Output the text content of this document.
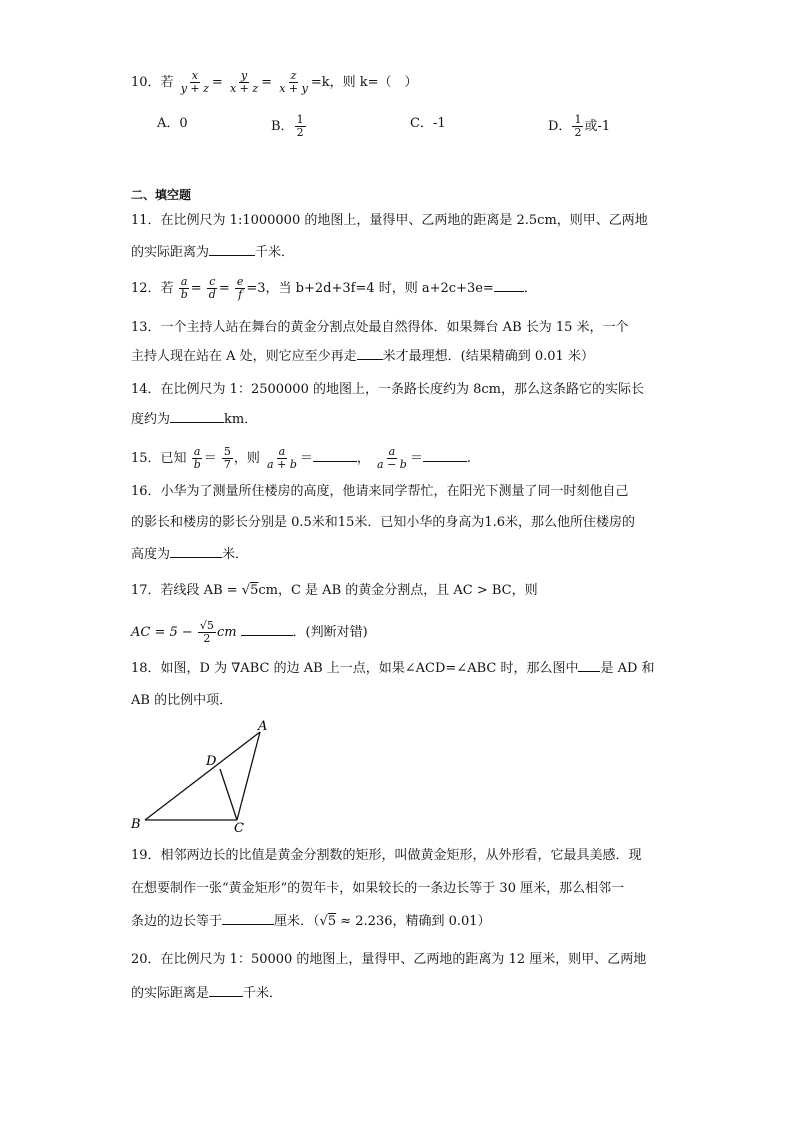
10．若 $\frac{x}{y + z} = \frac{y}{x + z} = \frac{z}{x + y} =k$，则 k=（　）
A．0	B． $\frac{1}{2}$	C．-1	D． $\frac{1}{2}$ 或-1
二、填空题
11．在比例尺为 1:1000000 的地图上，量得甲、乙两地的距离是 2.5cm，则甲、乙两地
的实际距离为	千米．
12．若 $\frac{a}{b} = \frac{c}{d} = \frac{e}{f} =3$，当 b+2d+3f=4 时，则 a+2c+3e= ．
13．一个主持人站在舞台的黄金分割点处最自然得体．如果舞台 AB 长为 15 米，一个
主持人现在站在 A 处，则它应至少再走 米才最理想．(结果精确到 0.01 米）
14．在比例尺为 1：2500000 的地图上，一条路长度约为 8cm，那么这条路它的实际长
度约为	km．
15．已知 $\frac{a}{b} = \frac{5}{7}$ ，则 $\frac{a}{a + b}$ ＝	， $\frac{a}{a - b}$ ＝	.
16．小华为了测量所住楼房的高度，他请来同学帮忙，在阳光下测量了同一时刻他自己
的影长和楼房的影长分别是 0.5米和15米．已知小华的身高为1.6米，那么他所住楼房的
高度为	米．
17．若线段 AB = √5cm，C 是 AB 的黄金分割点，且 AC > BC，则
AC = $5 - \frac{√5}{2}$ cm	．(判断对错)
18．如图，D 为 ∇ABC 的边 AB 上一点，如果∠ACD=∠ABC 时，那么图中 是 AD 和
AB 的比例中项．
A
B	C
D
19．相邻两边长的比值是黄金分割数的矩形，叫做黄金矩形，从外形看，它最具美感．现
在想要制作一张“黄金矩形”的贺年卡，如果较长的一条边长等于 30 厘米，那么相邻一
条边的边长等于	厘米．（√5 ≈ 2.236，精确到 0.01）
20．在比例尺为 1：50000 的地图上，量得甲、乙两地的距离为 12 厘米，则甲、乙两地
的实际距离是	千米．
